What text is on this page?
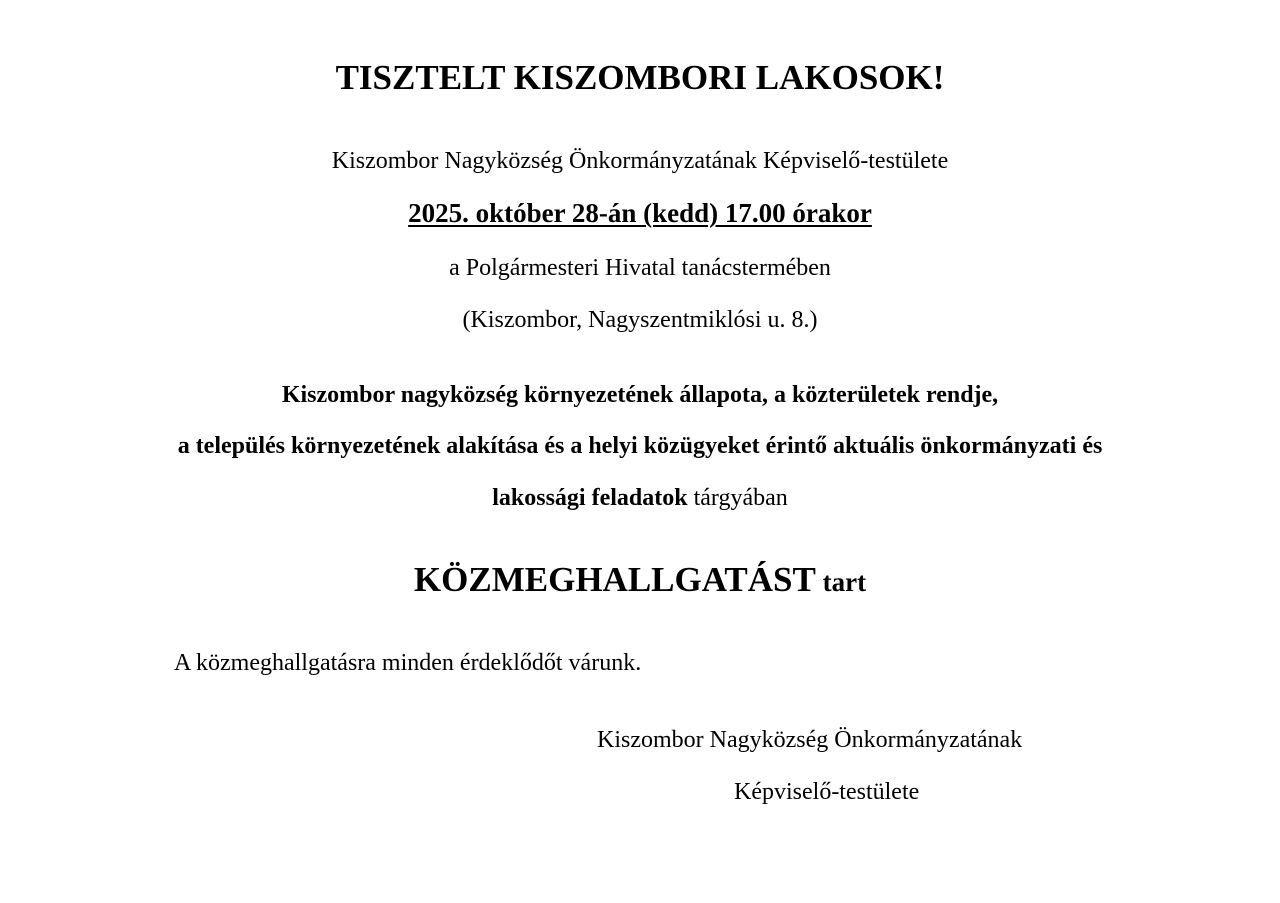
TISZTELT KISZOMBORI LAKOSOK!
Kiszombor Nagyközség Önkormányzatának Képviselő-testülete
2025. október 28-án (kedd) 17.00 órakor
a Polgármesteri Hivatal tanácstermében
(Kiszombor, Nagyszentmiklósi u. 8.)
Kiszombor nagyközség környezetének állapota, a közterületek rendje,
a település környezetének alakítása és a helyi közügyeket érintő aktuális önkormányzati és
lakossági feladatok tárgyában
KÖZMEGHALLGATÁST tart
A közmeghallgatásra minden érdeklődőt várunk.
Kiszombor Nagyközség Önkormányzatának
Képviselő-testülete
